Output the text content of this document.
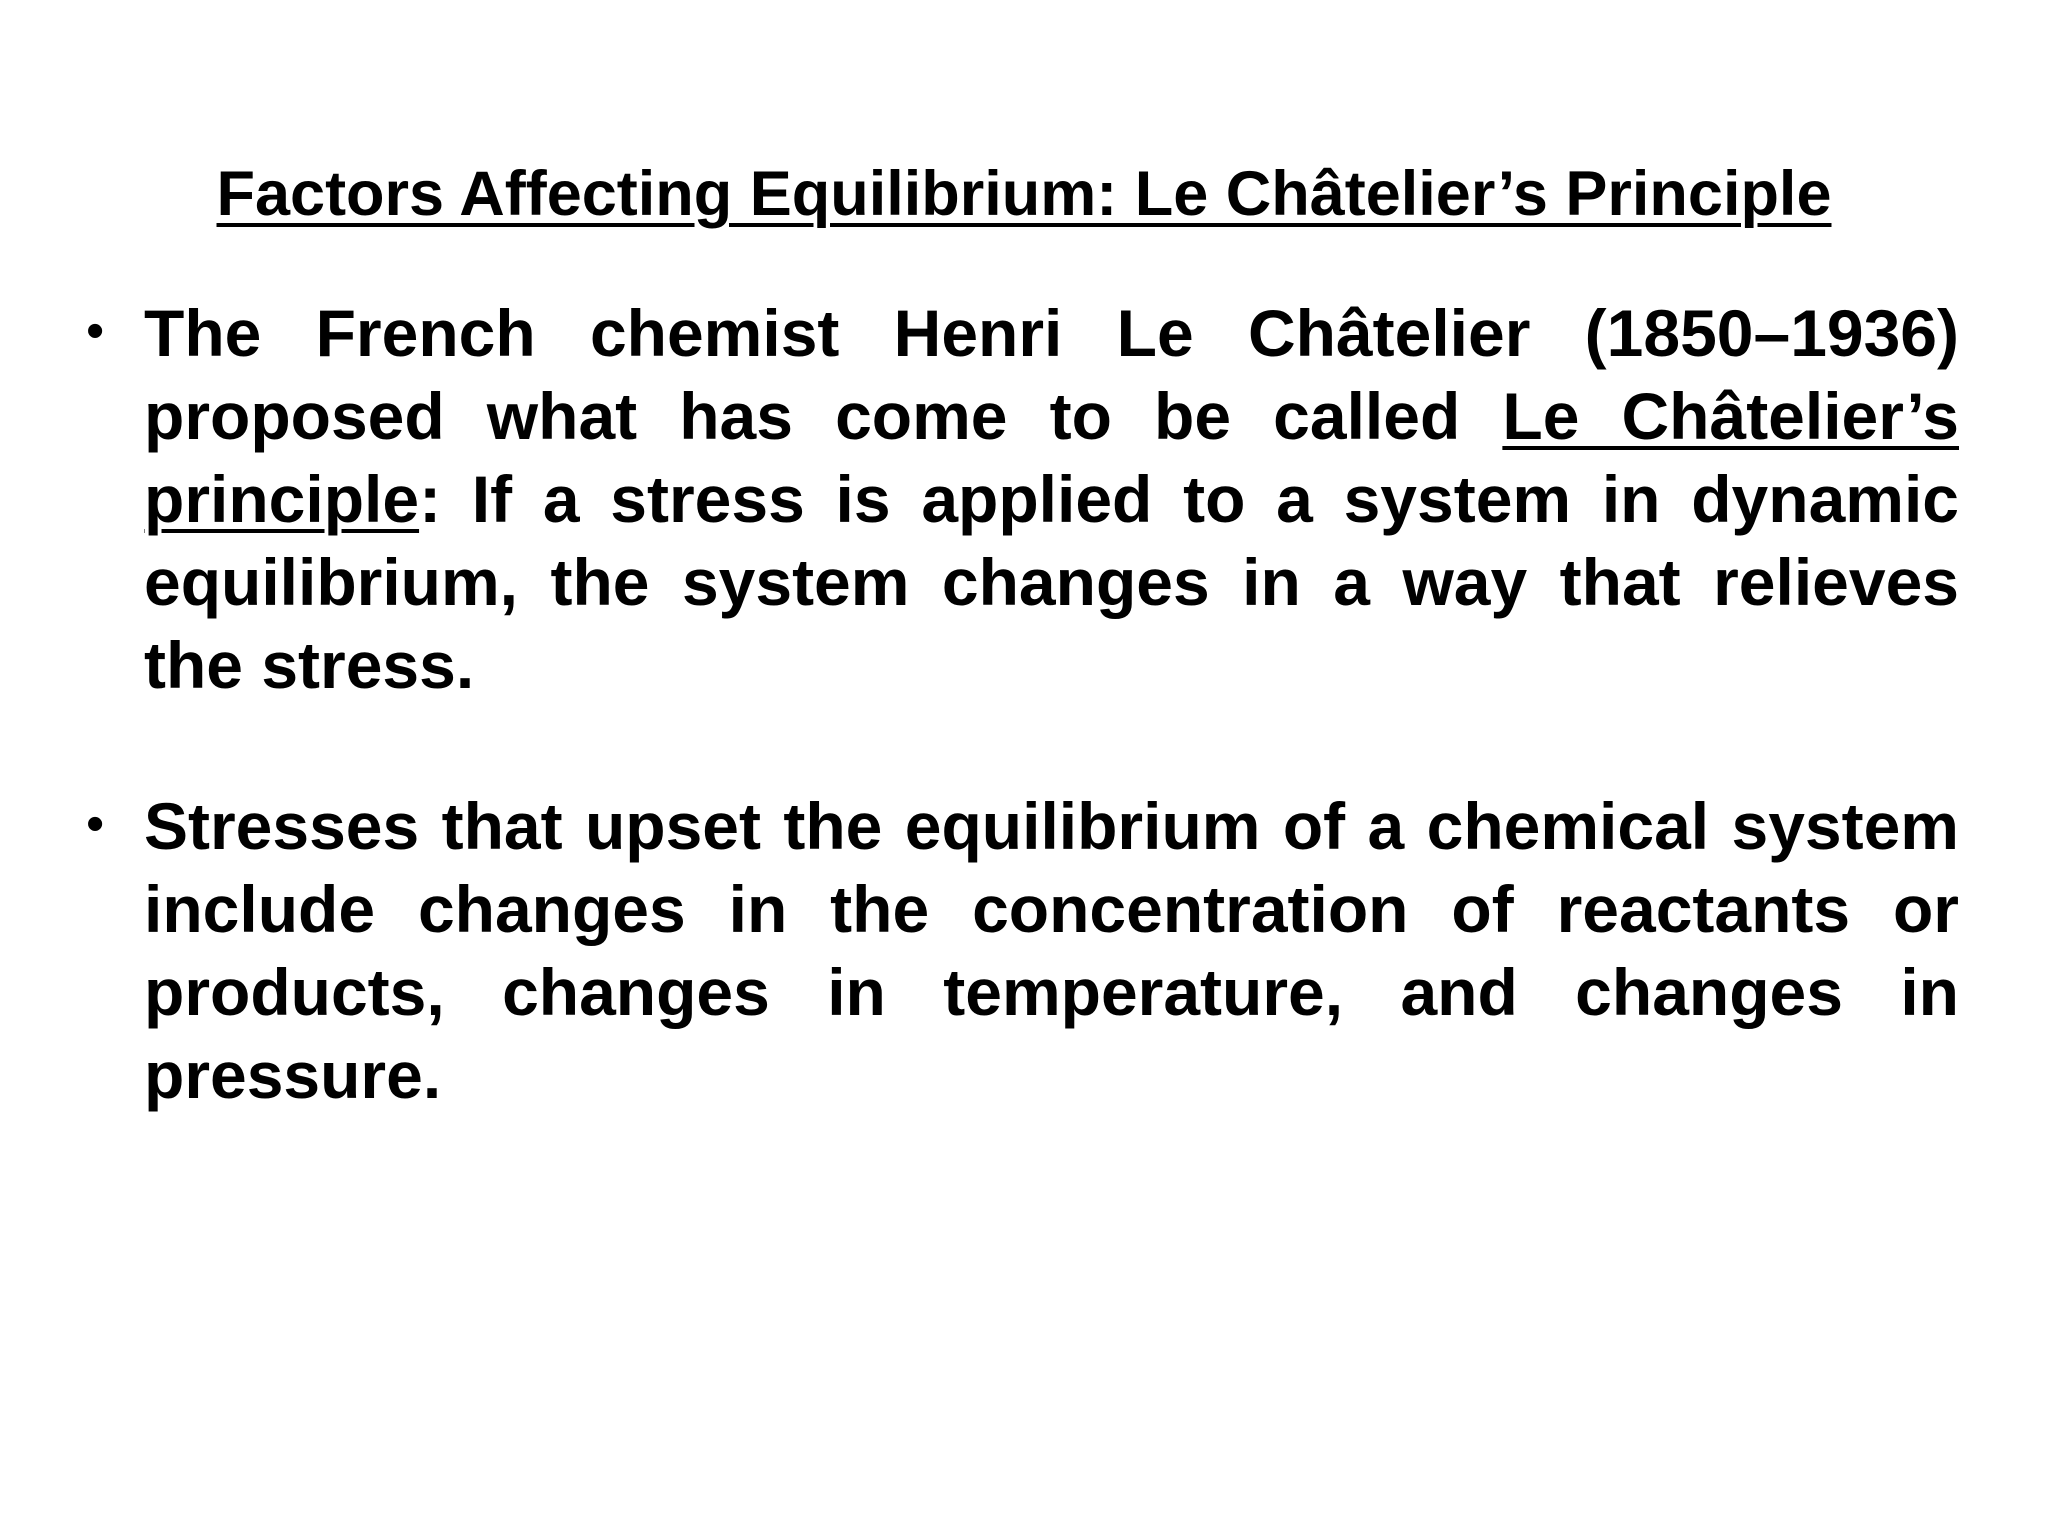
Factors Affecting Equilibrium: Le Châtelier’s Principle

• The French chemist Henri Le Châtelier (1850–1936) proposed what has come to be called Le Châtelier’s principle: If a stress is applied to a system in dynamic equilibrium, the system changes in a way that relieves the stress.

• Stresses that upset the equilibrium of a chemical system include changes in the concentration of reactants or products, changes in temperature, and changes in pressure.
